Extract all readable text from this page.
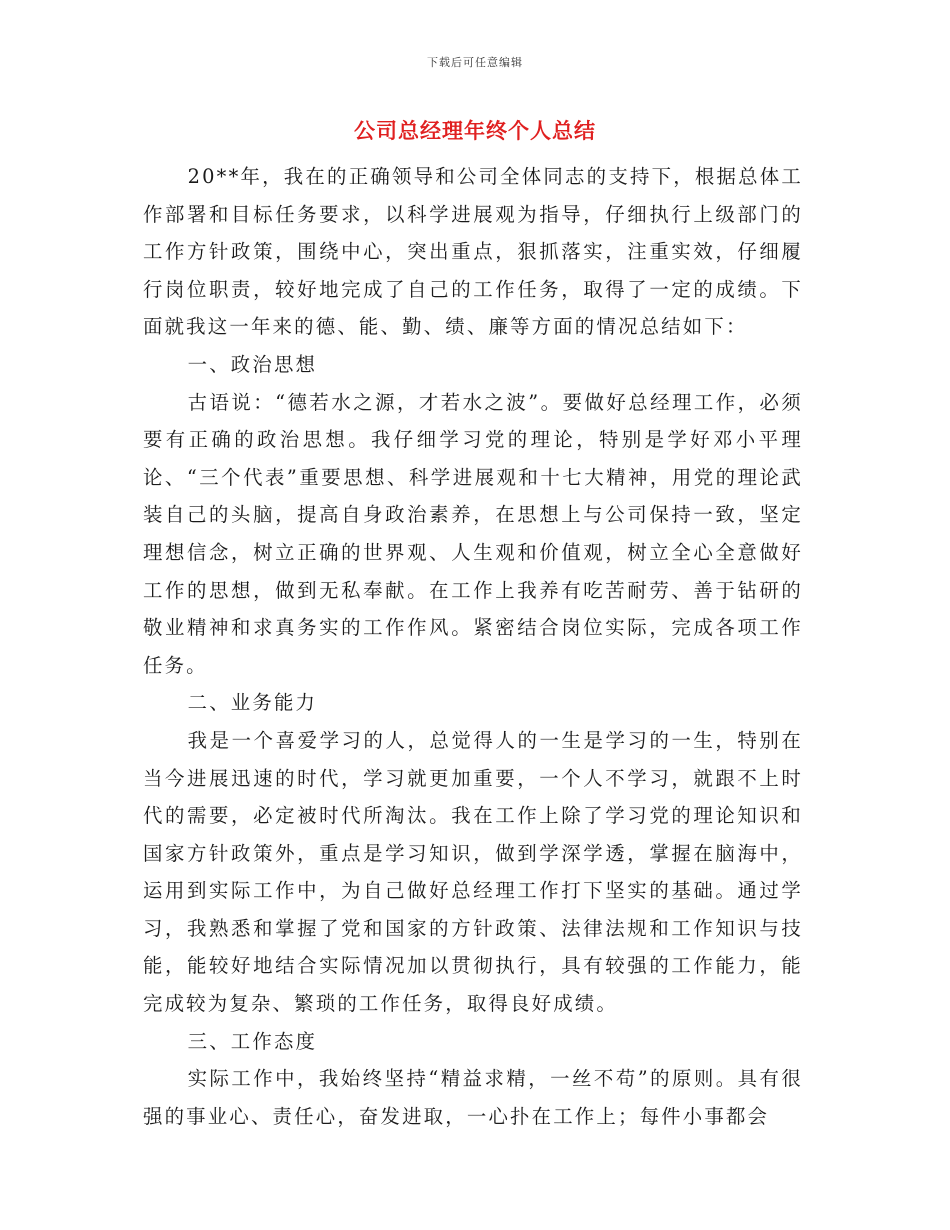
下载后可任意编辑
公司总经理年终个人总结

20**年，我在的正确领导和公司全体同志的支持下，根据总体工作部署和目标任务要求，以科学进展观为指导，仔细执行上级部门的工作方针政策，围绕中心，突出重点，狠抓落实，注重实效，仔细履行岗位职责，较好地完成了自己的工作任务，取得了一定的成绩。下面就我这一年来的德、能、勤、绩、廉等方面的情况总结如下：

一、政治思想

古语说：“德若水之源，才若水之波”。要做好总经理工作，必须要有正确的政治思想。我仔细学习党的理论，特别是学好邓小平理论、“三个代表”重要思想、科学进展观和十七大精神，用党的理论武装自己的头脑，提高自身政治素养，在思想上与公司保持一致，坚定理想信念，树立正确的世界观、人生观和价值观，树立全心全意做好工作的思想，做到无私奉献。在工作上我养有吃苦耐劳、善于钻研的敬业精神和求真务实的工作作风。紧密结合岗位实际，完成各项工作任务。

二、业务能力

我是一个喜爱学习的人，总觉得人的一生是学习的一生，特别在当今进展迅速的时代，学习就更加重要，一个人不学习，就跟不上时代的需要，必定被时代所淘汰。我在工作上除了学习党的理论知识和国家方针政策外，重点是学习知识，做到学深学透，掌握在脑海中，运用到实际工作中，为自己做好总经理工作打下坚实的基础。通过学习，我熟悉和掌握了党和国家的方针政策、法律法规和工作知识与技能，能较好地结合实际情况加以贯彻执行，具有较强的工作能力，能完成较为复杂、繁琐的工作任务，取得良好成绩。

三、工作态度

实际工作中，我始终坚持“精益求精，一丝不苟”的原则。具有很强的事业心、责任心，奋发进取，一心扑在工作上；每件小事都会
